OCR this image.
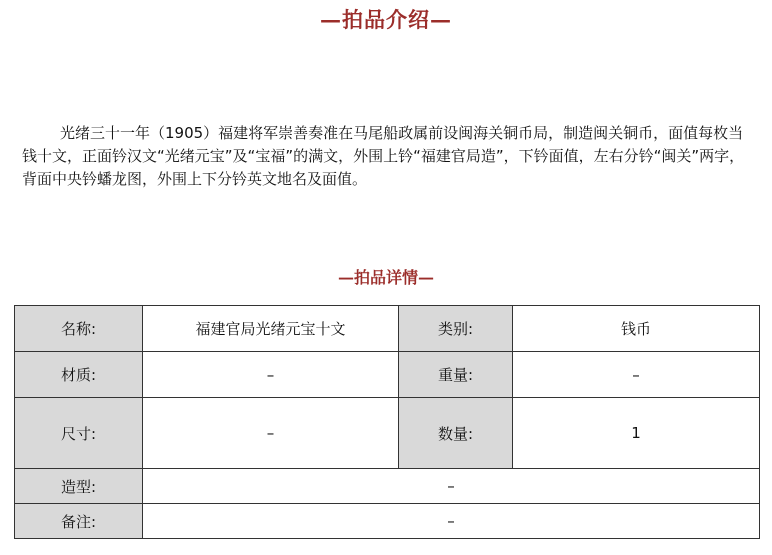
—拍品介绍—

光绪三十一年（1905）福建将军崇善奏准在马尾船政属前设闽海关铜币局，制造闽关铜币，面值每枚当钱十文，正面钤汉文“光绪元宝”及“宝福”的满文，外围上钤“福建官局造”，下钤面值，左右分钤“闽关”两字，背面中央钤蟠龙图，外围上下分钤英文地名及面值。

—拍品详情—
名称:	福建官局光绪元宝十文	类别:	钱币
材质:	–	重量:	–
尺寸:	–	数量:	1
造型:	–		
备注:	–		
